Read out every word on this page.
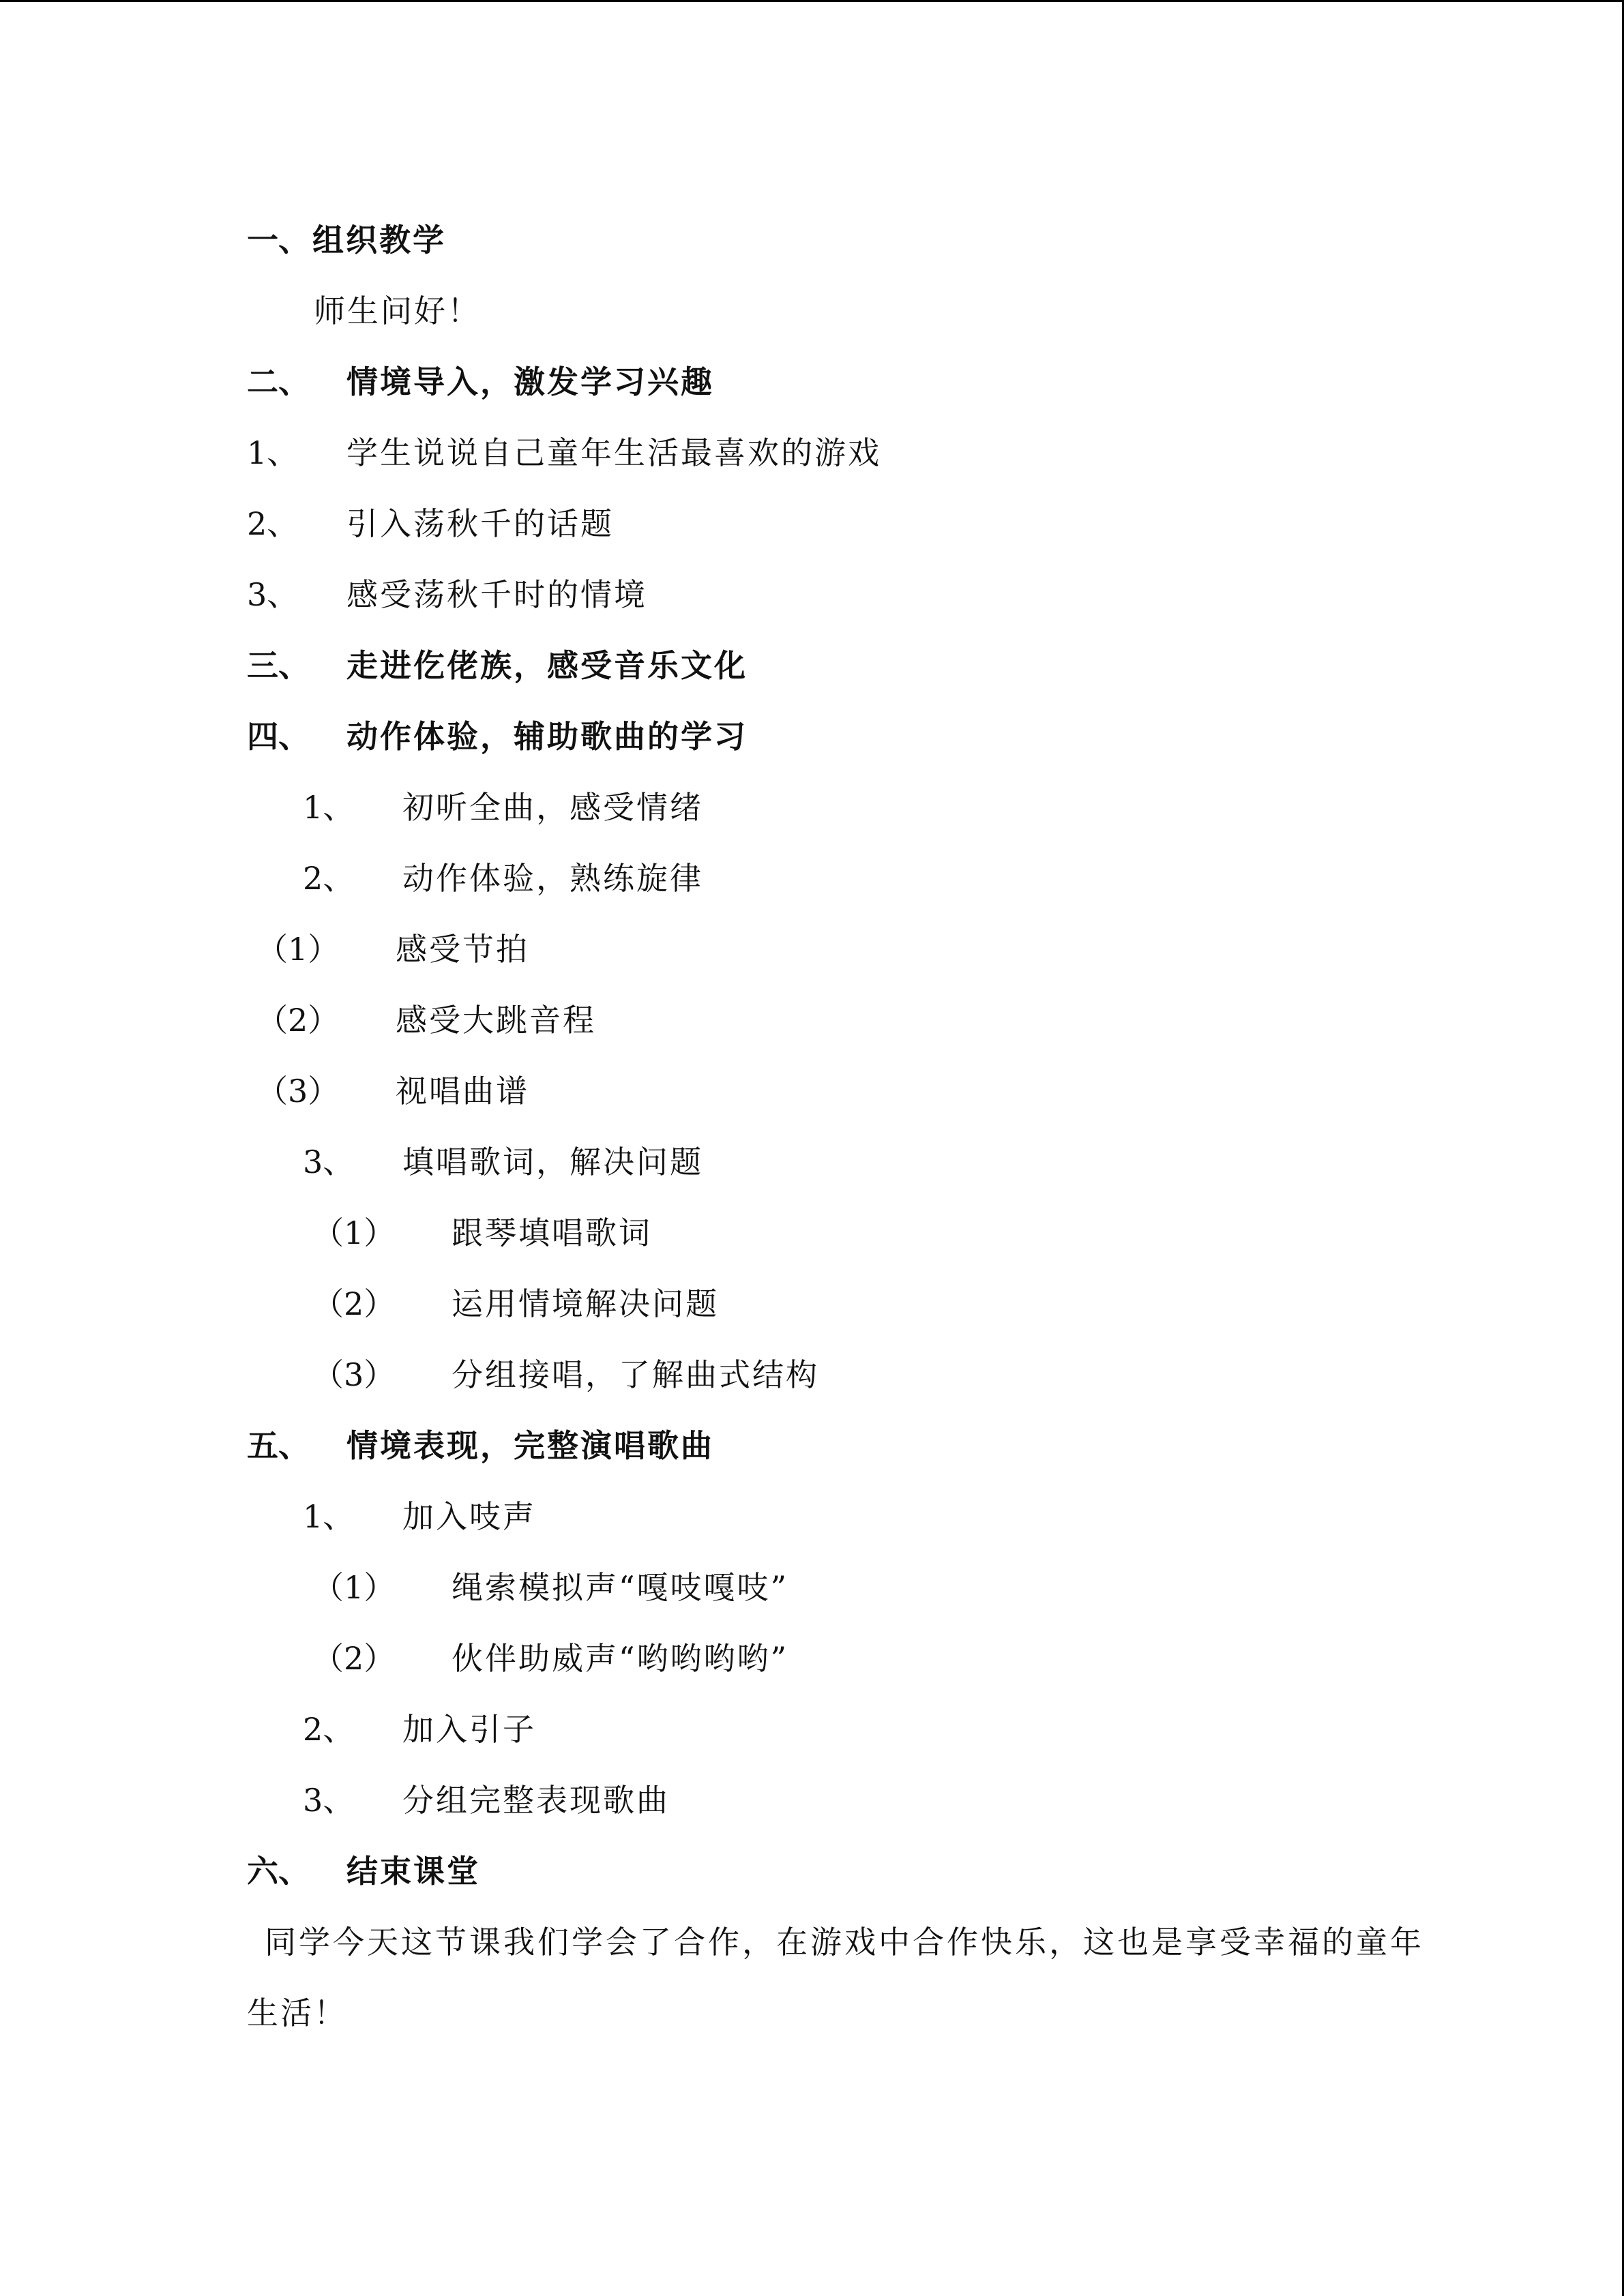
一、 组织教学
师生问好！
二、 情境导入，激发学习兴趣
1、 学生说说自己童年生活最喜欢的游戏
2、 引入荡秋千的话题
3、 感受荡秋千时的情境
三、 走进仡佬族，感受音乐文化
四、 动作体验，辅助歌曲的学习
1、 初听全曲，感受情绪
2、 动作体验，熟练旋律
（1） 感受节拍
（2） 感受大跳音程
（3） 视唱曲谱
3、 填唱歌词，解决问题
（1） 跟琴填唱歌词
（2） 运用情境解决问题
（3） 分组接唱，了解曲式结构
五、 情境表现，完整演唱歌曲
1、 加入吱声
（1） 绳索模拟声“嘎吱嘎吱”
（2） 伙伴助威声“哟哟哟哟”
2、 加入引子
3、 分组完整表现歌曲
六、 结束课堂
同学今天这节课我们学会了合作，在游戏中合作快乐，这也是享受幸福的童年
生活！
